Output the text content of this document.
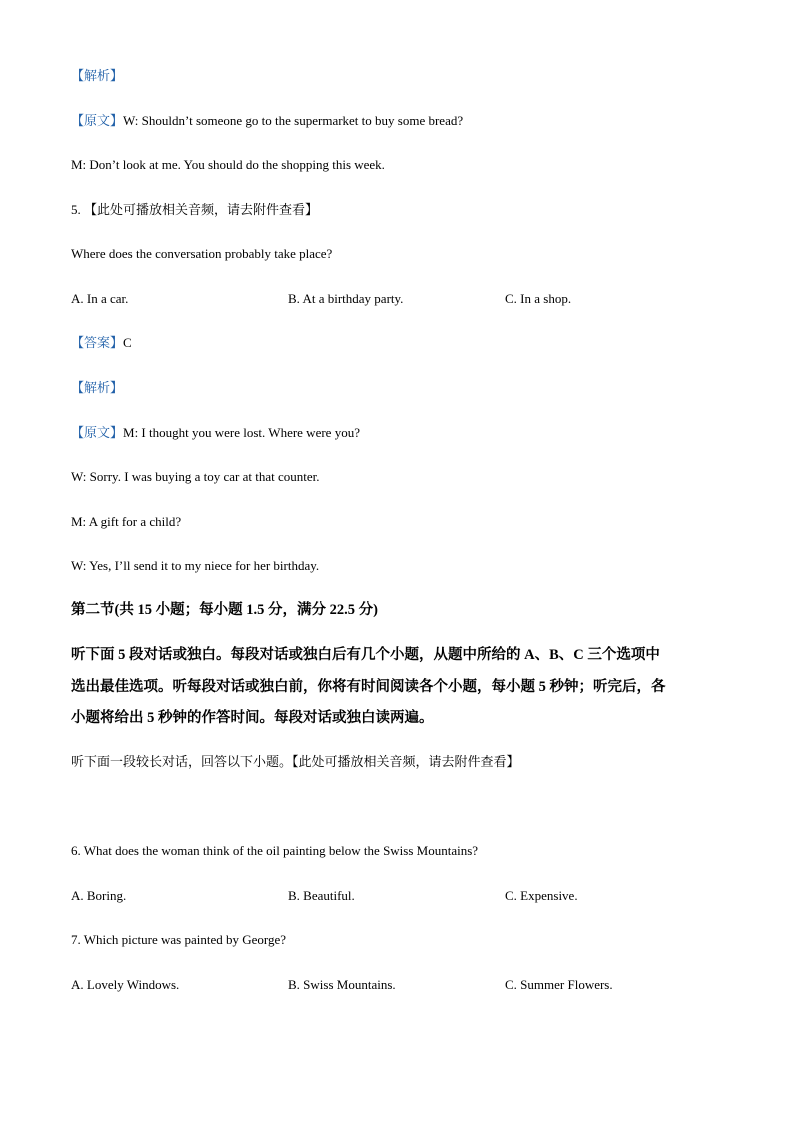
【解析】
【原文】W: Shouldn’t someone go to the supermarket to buy some bread?
M: Don’t look at me. You should do the shopping this week.
5. 【此处可播放相关音频，请去附件查看】
Where does the conversation probably take place?
A. In a car.	B. At a birthday party.	C. In a shop.
【答案】C
【解析】
【原文】M: I thought you were lost. Where were you?
W: Sorry. I was buying a toy car at that counter.
M: A gift for a child?
W: Yes, I’ll send it to my niece for her birthday.
第二节(共 15 小题；每小题 1.5 分，满分 22.5 分)
听下面 5 段对话或独白。每段对话或独白后有几个小题，从题中所给的 A、B、C 三个选项中
选出最佳选项。听每段对话或独白前，你将有时间阅读各个小题，每小题 5 秒钟；听完后，各
小题将给出 5 秒钟的作答时间。每段对话或独白读两遍。
听下面一段较长对话，回答以下小题。【此处可播放相关音频，请去附件查看】
6. What does the woman think of the oil painting below the Swiss Mountains?
A. Boring.	B. Beautiful.	C. Expensive.
7. Which picture was painted by George?
A. Lovely Windows.	B. Swiss Mountains.	C. Summer Flowers.
